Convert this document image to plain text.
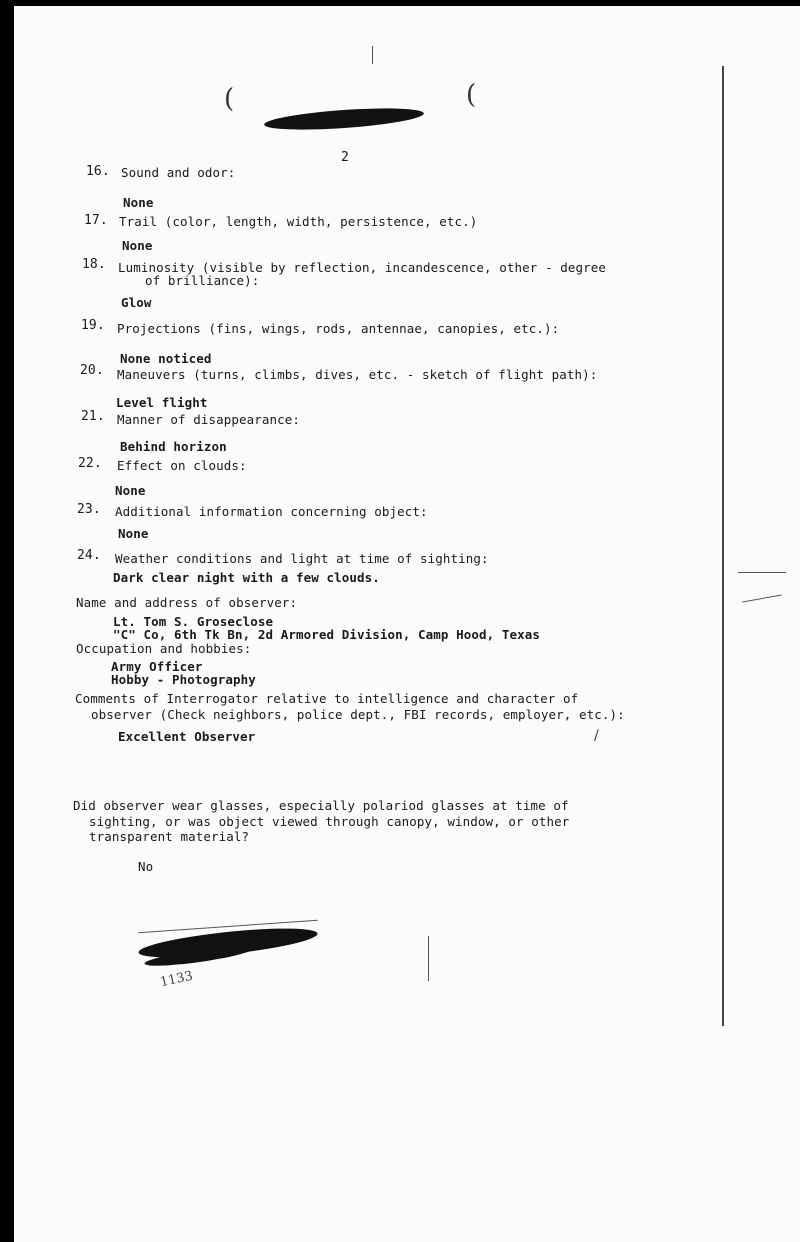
(	(
2
16. Sound and odor:
None
17. Trail (color, length, width, persistence, etc.)
None
18. Luminosity (visible by reflection, incandescence, other - degree
of brilliance):
Glow
19. Projections (fins, wings, rods, antennae, canopies, etc.):
None noticed
20. Maneuvers (turns, climbs, dives, etc. - sketch of flight path):
Level flight
21. Manner of disappearance:
Behind horizon
22. Effect on clouds:
None
23. Additional information concerning object:
None
24. Weather conditions and light at time of sighting:
Dark clear night with a few clouds.
Name and address of observer:
Lt. Tom S. Groseclose
"C" Co, 6th Tk Bn, 2d Armored Division, Camp Hood, Texas
Occupation and hobbies:
Army Officer
Hobby - Photography
Comments of Interrogator relative to intelligence and character of
observer (Check neighbors, police dept., FBI records, employer, etc.):
Excellent Observer	/
Did observer wear glasses, especially polariod glasses at time of
sighting, or was object viewed through canopy, window, or other
transparent material?
No
1133
